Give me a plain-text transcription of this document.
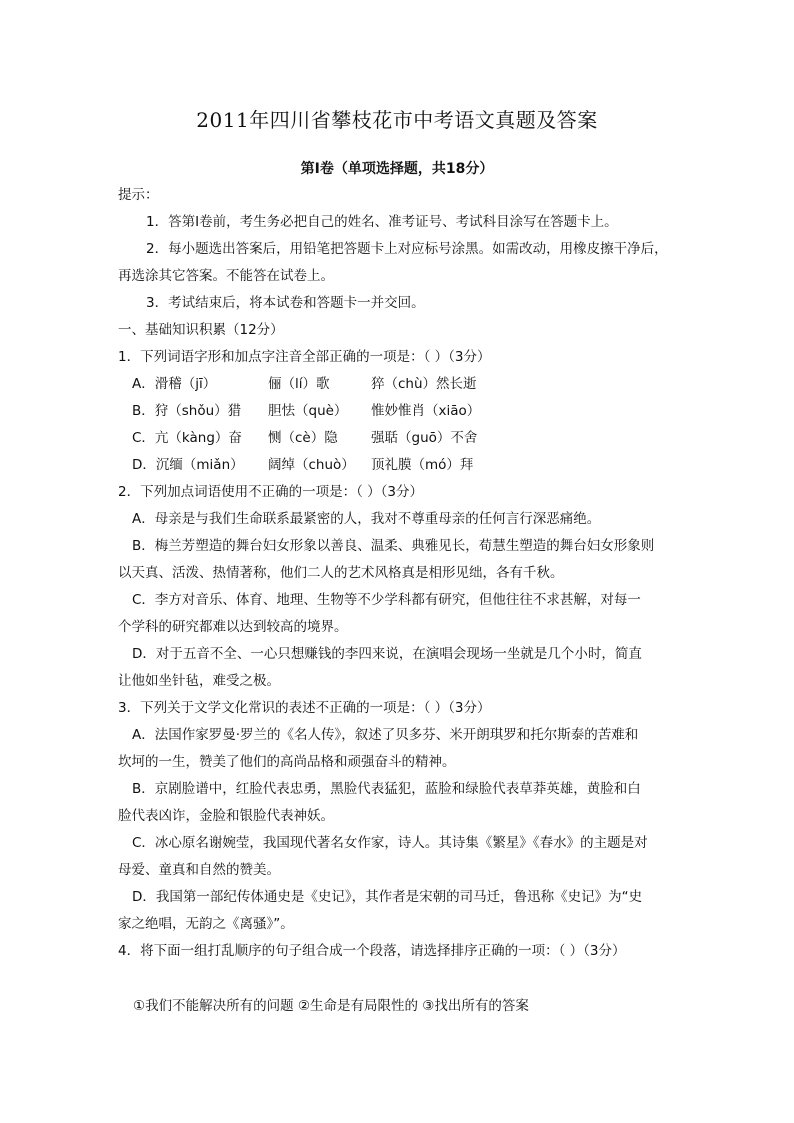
2011年四川省攀枝花市中考语文真题及答案
第Ⅰ卷（单项选择题，共18分）
提示：
1．答第Ⅰ卷前，考生务必把自己的姓名、准考证号、考试科目涂写在答题卡上。
2．每小题选出答案后，用铅笔把答题卡上对应标号涂黑。如需改动，用橡皮擦干净后，
再选涂其它答案。不能答在试卷上。
3．考试结束后，将本试卷和答题卡一并交回。
一、基础知识积累（12分）
1．下列词语字形和加点字注音全部正确的一项是：（ ）（3分）
A．滑稽（jī）	俪（lí）歌	猝（chù）然长逝
B．狩（shǒu）猎 胆怯（què） 惟妙惟肖（xiāo）
C．亢（kàng）奋 恻（cè）隐 强聒（guō）不舍
D．沉缅（miǎn） 阔绰（chuò） 顶礼膜（mó）拜
2．下列加点词语使用不正确的一项是：（ ）（3分）
A．母亲是与我们生命联系最紧密的人，我对不尊重母亲的任何言行深恶痛绝。
B．梅兰芳塑造的舞台妇女形象以善良、温柔、典雅见长，荀慧生塑造的舞台妇女形象则
以天真、活泼、热情著称，他们二人的艺术风格真是相形见绌，各有千秋。
C．李方对音乐、体育、地理、生物等不少学科都有研究，但他往往不求甚解，对每一
个学科的研究都难以达到较高的境界。
D．对于五音不全、一心只想赚钱的李四来说，在演唱会现场一坐就是几个小时，简直
让他如坐针毡，难受之极。
3．下列关于文学文化常识的表述不正确的一项是：（ ）（3分）
A．法国作家罗曼·罗兰的《名人传》，叙述了贝多芬、米开朗琪罗和托尔斯泰的苦难和
坎坷的一生，赞美了他们的高尚品格和顽强奋斗的精神。
B．京剧脸谱中，红脸代表忠勇，黑脸代表猛犯，蓝脸和绿脸代表草莽英雄，黄脸和白
脸代表凶诈，金脸和银脸代表神妖。
C．冰心原名谢婉莹，我国现代著名女作家，诗人。其诗集《繁星》《春水》的主题是对
母爱、童真和自然的赞美。
D．我国第一部纪传体通史是《史记》，其作者是宋朝的司马迁，鲁迅称《史记》为“史
家之绝唱，无韵之《离骚》”。
4．将下面一组打乱顺序的句子组合成一个段落，请选择排序正确的一项：（ ）（3分）
①我们不能解决所有的问题 ②生命是有局限性的 ③找出所有的答案
